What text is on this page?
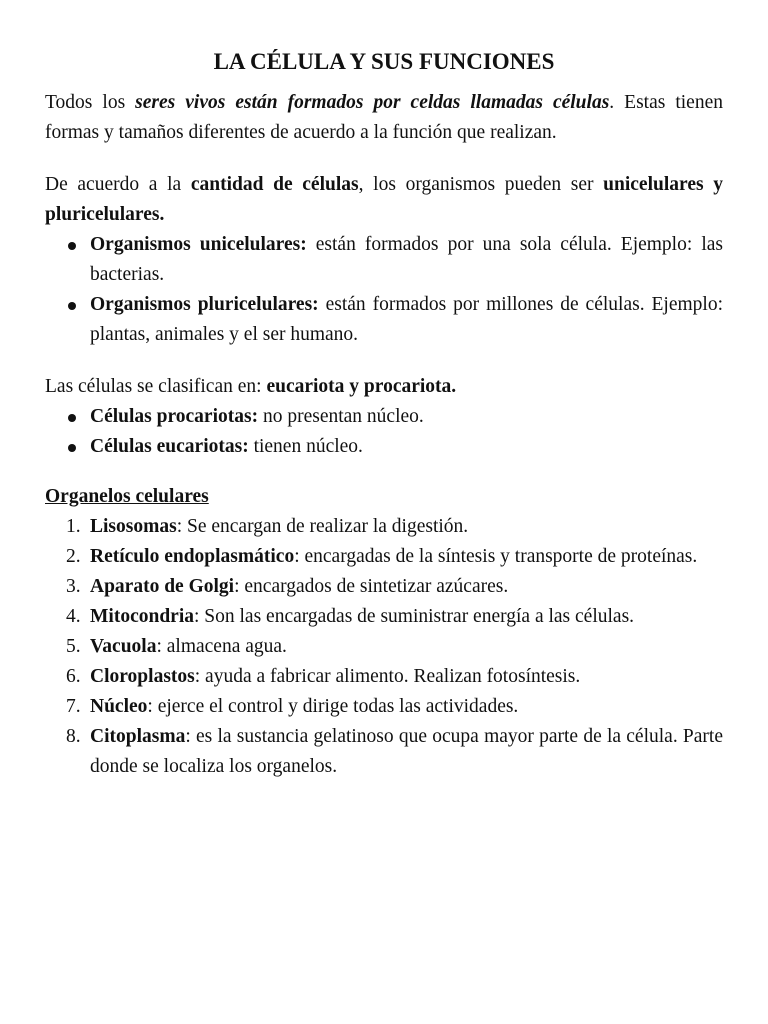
LA CÉLULA Y SUS FUNCIONES

Todos los seres vivos están formados por celdas llamadas células. Estas tienen formas y tamaños diferentes de acuerdo a la función que realizan.

De acuerdo a la cantidad de células, los organismos pueden ser unicelulares y pluricelulares.

Organismos unicelulares: están formados por una sola célula. Ejemplo: las bacterias.
Organismos pluricelulares: están formados por millones de células. Ejemplo: plantas, animales y el ser humano.

Las células se clasifican en: eucariota y procariota.

Células procariotas: no presentan núcleo.
Células eucariotas: tienen núcleo.

Organelos celulares

1. Lisosomas: Se encargan de realizar la digestión.
2. Retículo endoplasmático: encargadas de la síntesis y transporte de proteínas.
3. Aparato de Golgi: encargados de sintetizar azúcares.
4. Mitocondria: Son las encargadas de suministrar energía a las células.
5. Vacuola: almacena agua.
6. Cloroplastos: ayuda a fabricar alimento. Realizan fotosíntesis.
7. Núcleo: ejerce el control y dirige todas las actividades.
8. Citoplasma: es la sustancia gelatinoso que ocupa mayor parte de la célula. Parte donde se localiza los organelos.
